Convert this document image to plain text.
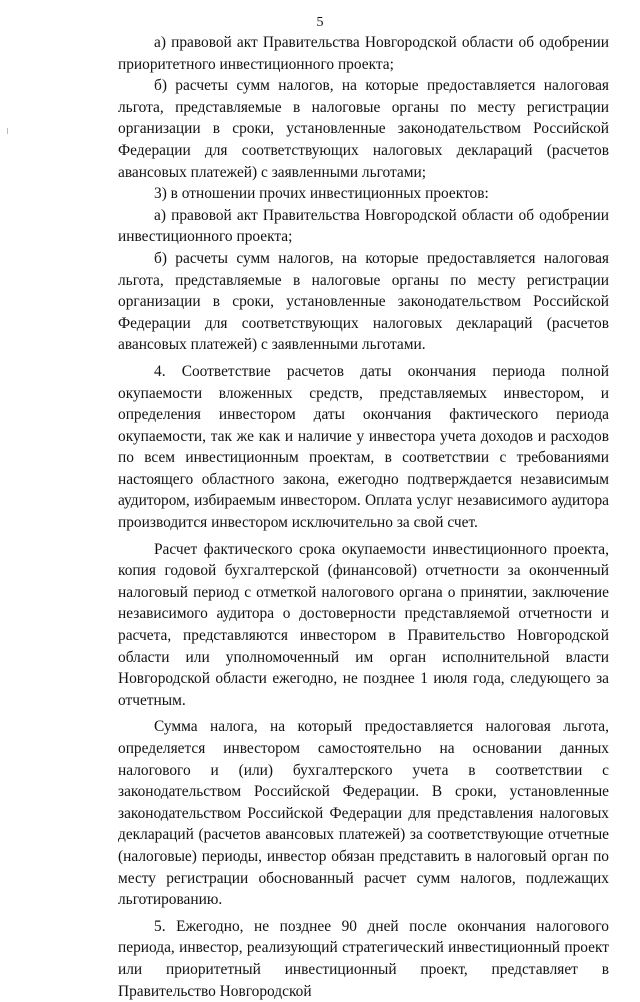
5

а) правовой акт Правительства Новгородской области об одобрении приоритетного инвестиционного проекта;

б) расчеты сумм налогов, на которые предоставляется налоговая льгота, представляемые в налоговые органы по месту регистрации организации в сроки, установленные законодательством Российской Федерации для соответствующих налоговых деклараций (расчетов авансовых платежей) с заявленными льготами;

3) в отношении прочих инвестиционных проектов:

а) правовой акт Правительства Новгородской области об одобрении инвестиционного проекта;

б) расчеты сумм налогов, на которые предоставляется налоговая льгота, представляемые в налоговые органы по месту регистрации организации в сроки, установленные законодательством Российской Федерации для соответствующих налоговых деклараций (расчетов авансовых платежей) с заявленными льготами.

4. Соответствие расчетов даты окончания периода полной окупаемости вложенных средств, представляемых инвестором, и определения инвестором даты окончания фактического периода окупаемости, так же как и наличие у инвестора учета доходов и расходов по всем инвестиционным проектам, в соответствии с требованиями настоящего областного закона, ежегодно подтверждается независимым аудитором, избираемым инвестором. Оплата услуг независимого аудитора производится инвестором исключительно за свой счет.

Расчет фактического срока окупаемости инвестиционного проекта, копия годовой бухгалтерской (финансовой) отчетности за оконченный налоговый период с отметкой налогового органа о принятии, заключение независимого аудитора о достоверности представляемой отчетности и расчета, представляются инвестором в Правительство Новгородской области или уполномоченный им орган исполнительной власти Новгородской области ежегодно, не позднее 1 июля года, следующего за отчетным.

Сумма налога, на который предоставляется налоговая льгота, определяется инвестором самостоятельно на основании данных налогового и (или) бухгалтерского учета в соответствии с законодательством Российской Федерации. В сроки, установленные законодательством Российской Федерации для представления налоговых деклараций (расчетов авансовых платежей) за соответствующие отчетные (налоговые) периоды, инвестор обязан представить в налоговый орган по месту регистрации обоснованный расчет сумм налогов, подлежащих льготированию.

5. Ежегодно, не позднее 90 дней после окончания налогового периода, инвестор, реализующий стратегический инвестиционный проект или приоритетный инвестиционный проект, представляет в Правительство Новгородской
